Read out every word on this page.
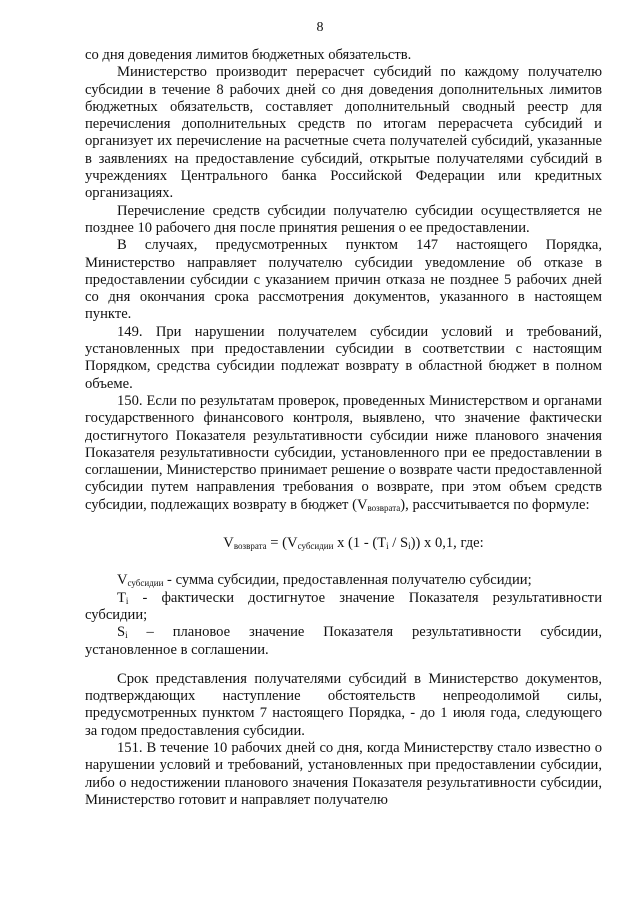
8

со дня доведения лимитов бюджетных обязательств.

Министерство производит перерасчет субсидий по каждому получателю субсидии в течение 8 рабочих дней со дня доведения дополнительных лимитов бюджетных обязательств, составляет дополнительный сводный реестр для перечисления дополнительных средств по итогам перерасчета субсидий и организует их перечисление на расчетные счета получателей субсидий, указанные в заявлениях на предоставление субсидий, открытые получателями субсидий в учреждениях Центрального банка Российской Федерации или кредитных организациях.

Перечисление средств субсидии получателю субсидии осуществляется не позднее 10 рабочего дня после принятия решения о ее предоставлении.

В случаях, предусмотренных пунктом 147 настоящего Порядка, Министерство направляет получателю субсидии уведомление об отказе в предоставлении субсидии с указанием причин отказа не позднее 5 рабочих дней со дня окончания срока рассмотрения документов, указанного в настоящем пункте.

149. При нарушении получателем субсидии условий и требований, установленных при предоставлении субсидии в соответствии с настоящим Порядком, средства субсидии подлежат возврату в областной бюджет в полном объеме.

150. Если по результатам проверок, проведенных Министерством и органами государственного финансового контроля, выявлено, что значение фактически достигнутого Показателя результативности субсидии ниже планового значения Показателя результативности субсидии, установленного при ее предоставлении в соглашении, Министерство принимает решение о возврате части предоставленной субсидии путем направления требования о возврате, при этом объем средств субсидии, подлежащих возврату в бюджет $(V_{возврата})$, рассчитывается по формуле:

$V_{возврата} = (V_{субсидии}$ x $(1 - (T_i / S_i))$ x 0,1, где:

$V_{субсидии}$ - сумма субсидии, предоставленная получателю субсидии;

$T_i$ - фактически достигнутое значение Показателя результативности субсидии;

$S_i$ – плановое значение Показателя результативности субсидии, установленное в соглашении.

Срок представления получателями субсидий в Министерство документов, подтверждающих наступление обстоятельств непреодолимой силы, предусмотренных пунктом 7 настоящего Порядка, - до 1 июля года, следующего за годом предоставления субсидии.

151. В течение 10 рабочих дней со дня, когда Министерству стало известно о нарушении условий и требований, установленных при предоставлении субсидии, либо о недостижении планового значения Показателя результативности субсидии, Министерство готовит и направляет получателю
